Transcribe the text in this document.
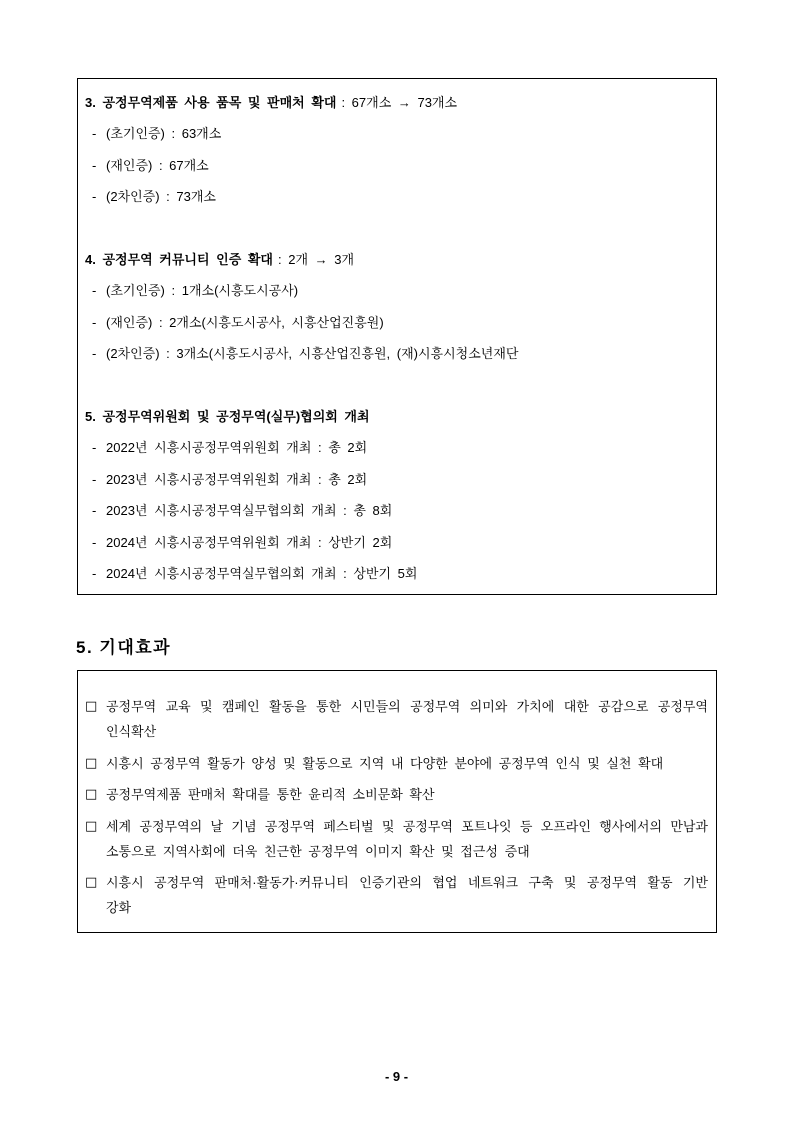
3. 공정무역제품 사용 품목 및 판매처 확대 : 67개소 → 73개소
- (초기인증) : 63개소
- (재인증) : 67개소
- (2차인증) : 73개소
4. 공정무역 커뮤니티 인증 확대 : 2개 → 3개
- (초기인증) : 1개소(시흥도시공사)
- (재인증) : 2개소(시흥도시공사, 시흥산업진흥원)
- (2차인증) : 3개소(시흥도시공사, 시흥산업진흥원, (재)시흥시청소년재단
5. 공정무역위원회 및 공정무역(실무)협의회 개최
- 2022년 시흥시공정무역위원회 개최 : 총 2회
- 2023년 시흥시공정무역위원회 개최 : 총 2회
- 2023년 시흥시공정무역실무협의회 개최 : 총 8회
- 2024년 시흥시공정무역위원회 개최 : 상반기 2회
- 2024년 시흥시공정무역실무협의회 개최 : 상반기 5회
5. 기대효과
□ 공정무역 교육 및 캠페인 활동을 통한 시민들의 공정무역 의미와 가치에 대한 공감으로 공정무역
인식확산
□ 시흥시 공정무역 활동가 양성 및 활동으로 지역 내 다양한 분야에 공정무역 인식 및 실천 확대
□ 공정무역제품 판매처 확대를 통한 윤리적 소비문화 확산
□ 세계 공정무역의 날 기념 공정무역 페스티벌 및 공정무역 포트나잇 등 오프라인 행사에서의 만남과
소통으로 지역사회에 더욱 친근한 공정무역 이미지 확산 및 접근성 증대
□ 시흥시 공정무역 판매처·활동가·커뮤니티 인증기관의 협업 네트워크 구축 및 공정무역 활동 기반
강화
- 9 -
